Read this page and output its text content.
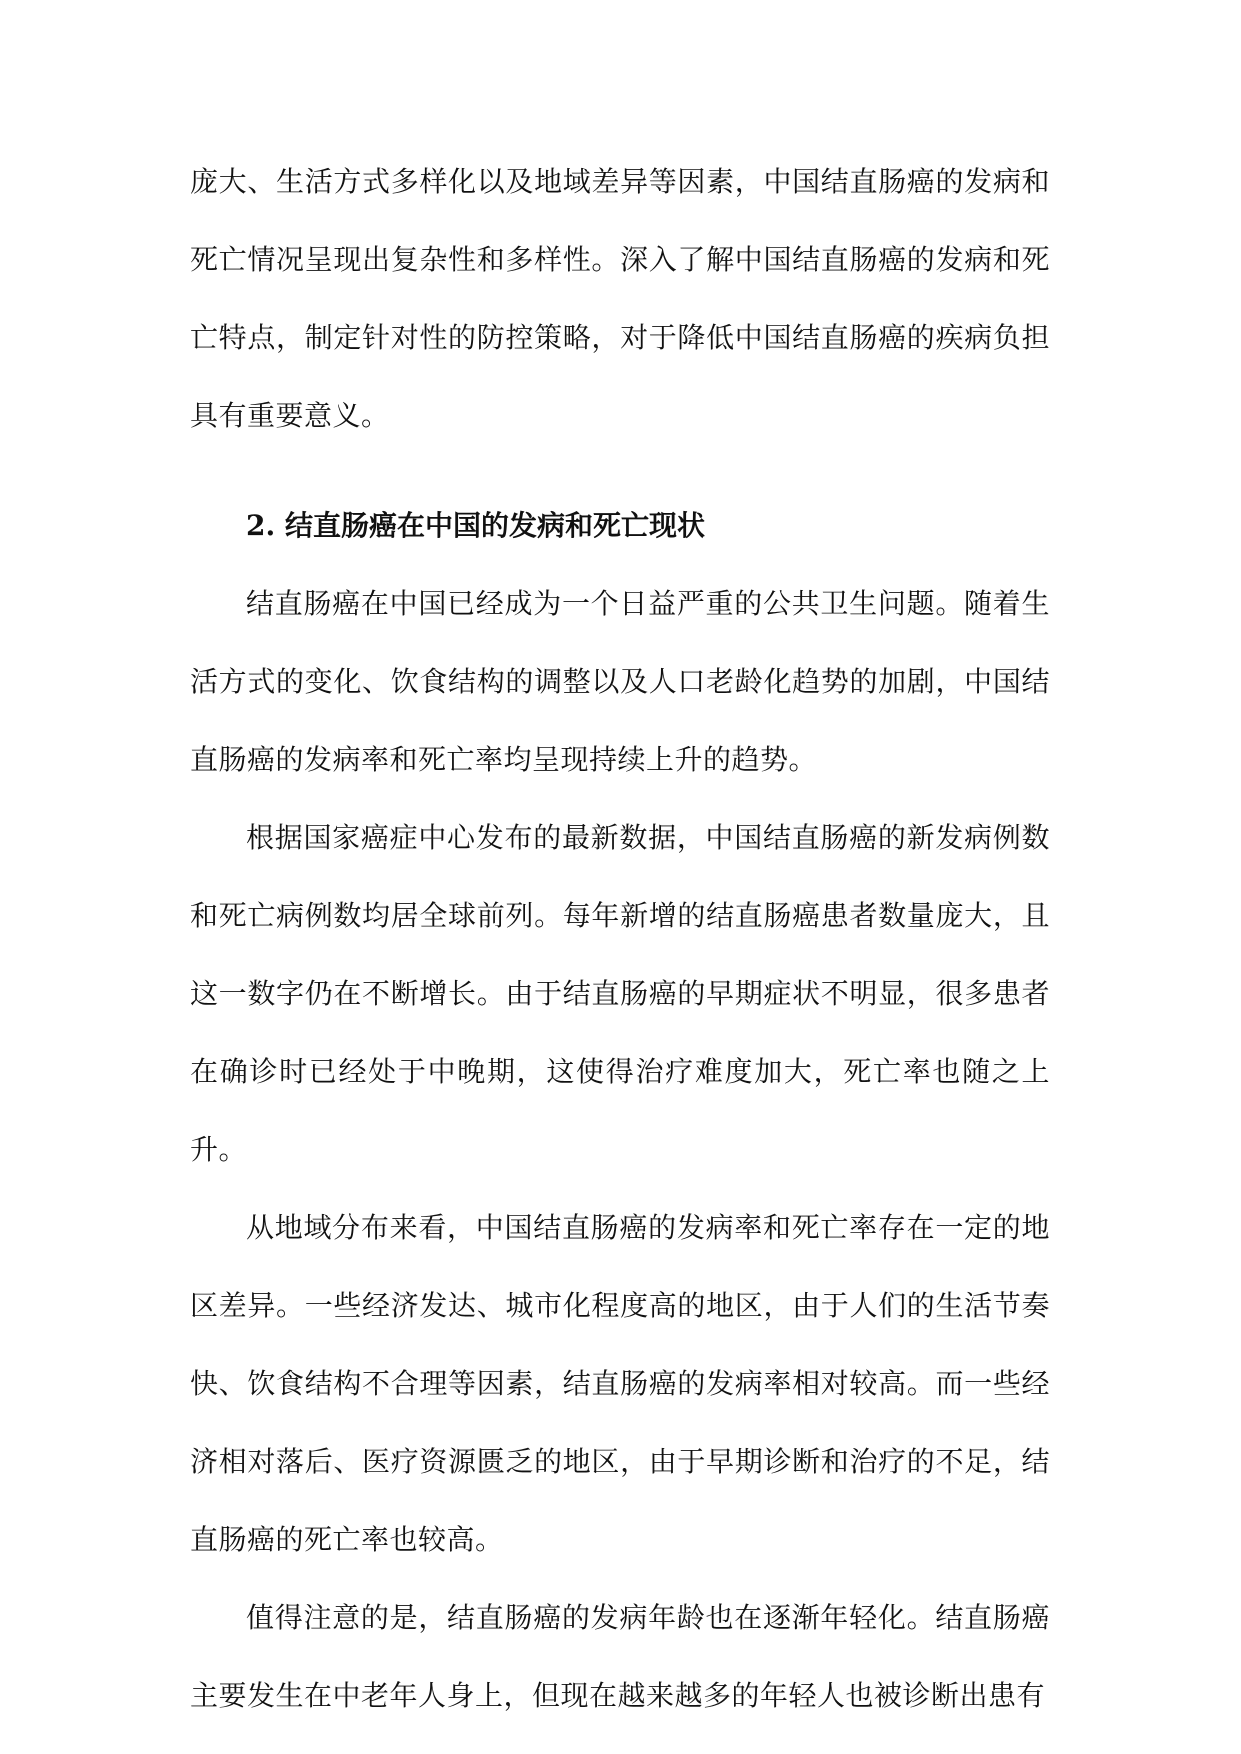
庞大、生活方式多样化以及地域差异等因素，中国结直肠癌的发病和死亡情况呈现出复杂性和多样性。深入了解中国结直肠癌的发病和死亡特点，制定针对性的防控策略，对于降低中国结直肠癌的疾病负担具有重要意义。

2. 结直肠癌在中国的发病和死亡现状

结直肠癌在中国已经成为一个日益严重的公共卫生问题。随着生活方式的变化、饮食结构的调整以及人口老龄化趋势的加剧，中国结直肠癌的发病率和死亡率均呈现持续上升的趋势。

根据国家癌症中心发布的最新数据，中国结直肠癌的新发病例数和死亡病例数均居全球前列。每年新增的结直肠癌患者数量庞大，且这一数字仍在不断增长。由于结直肠癌的早期症状不明显，很多患者在确诊时已经处于中晚期，这使得治疗难度加大，死亡率也随之上升。

从地域分布来看，中国结直肠癌的发病率和死亡率存在一定的地区差异。一些经济发达、城市化程度高的地区，由于人们的生活节奏快、饮食结构不合理等因素，结直肠癌的发病率相对较高。而一些经济相对落后、医疗资源匮乏的地区，由于早期诊断和治疗的不足，结直肠癌的死亡率也较高。

值得注意的是，结直肠癌的发病年龄也在逐渐年轻化。结直肠癌主要发生在中老年人身上，但现在越来越多的年轻人也被诊断出患有
